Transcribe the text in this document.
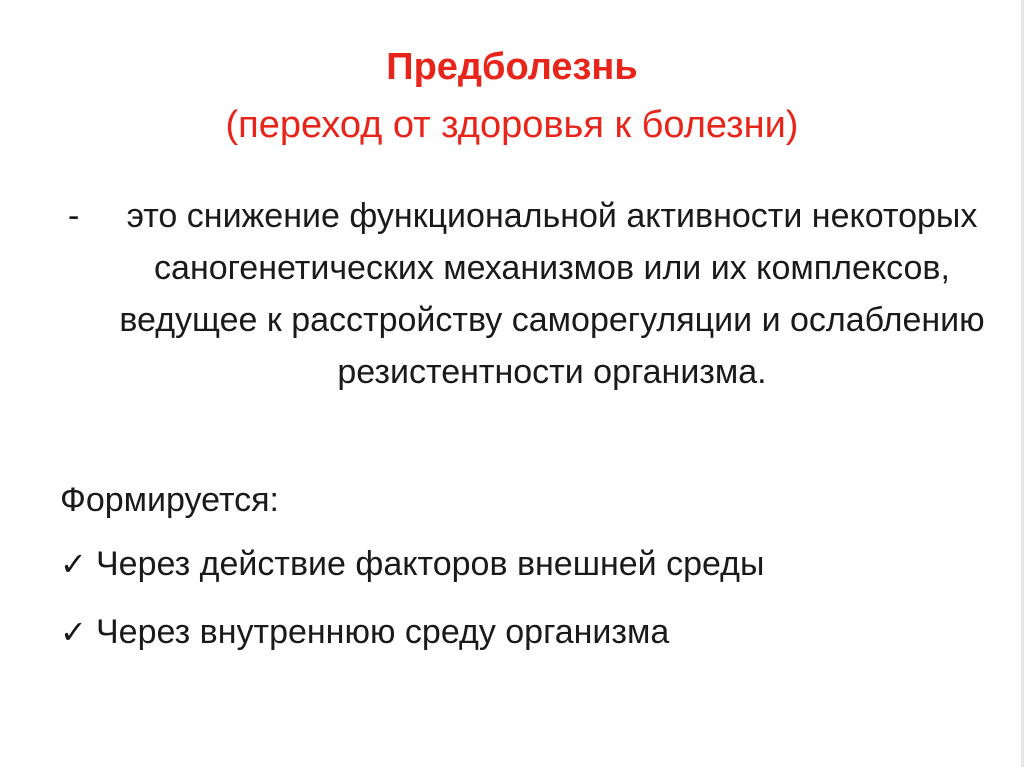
Предболезнь
(переход от здоровья к болезни)
-	это снижение функциональной активности некоторых саногенетических механизмов или их комплексов, ведущее к расстройству саморегуляции и ослаблению резистентности организма.
Формируется:
✓ Через действие факторов внешней среды
✓ Через внутреннюю среду организма
